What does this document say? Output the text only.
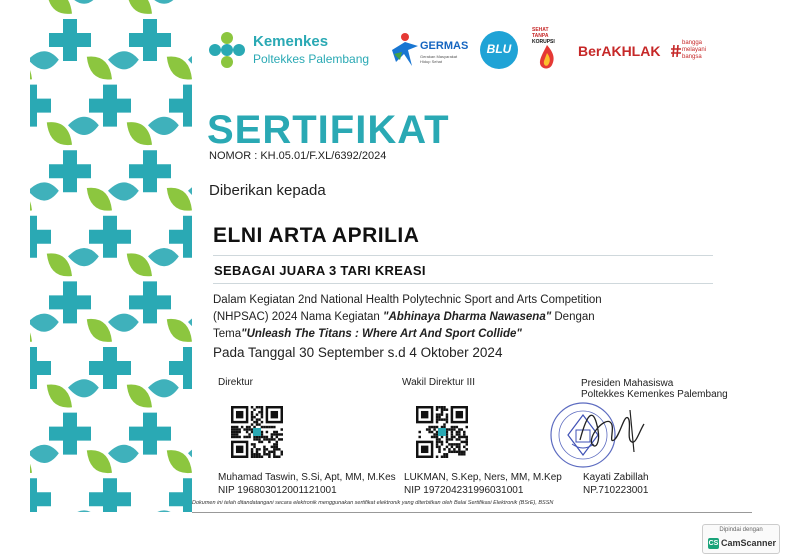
Kemenkes
Poltekkes Palembang
GERMAS
Gerakan Masyarakat Hidup Sehat
BLU
SEHAT
TANPA
KORUPSI
BerAKHLAK	bangga
melayani
bangsa
SERTIFIKAT
NOMOR : KH.05.01/F.XL/6392/2024
Diberikan kepada
ELNI ARTA APRILIA
SEBAGAI JUARA 3 TARI KREASI
Dalam Kegiatan 2nd National Health Polytechnic Sport and Arts Competition
(NHPSAC) 2024 Nama Kegiatan "Abhinaya Dharma Nawasena" Dengan
Tema"Unleash The Titans : Where Art And Sport Collide"
Pada Tanggal 30 September s.d 4 Oktober 2024
Direktur
Muhamad Taswin, S.Si, Apt, MM, M.Kes
NIP 196803012001121001
Wakil Direktur III
LUKMAN, S.Kep, Ners, MM, M.Kep
NIP 197204231996031001
Presiden Mahasiswa
Poltekkes Kemenkes Palembang
Kayati Zabillah
NP.710223001
Dokumen ini telah ditandatangani secara elektronik menggunakan sertifikat elektronik yang diterbitkan oleh Balai Sertifikasi Elektronik (BSrE), BSSN
Dipindai dengan
CS CamScanner
